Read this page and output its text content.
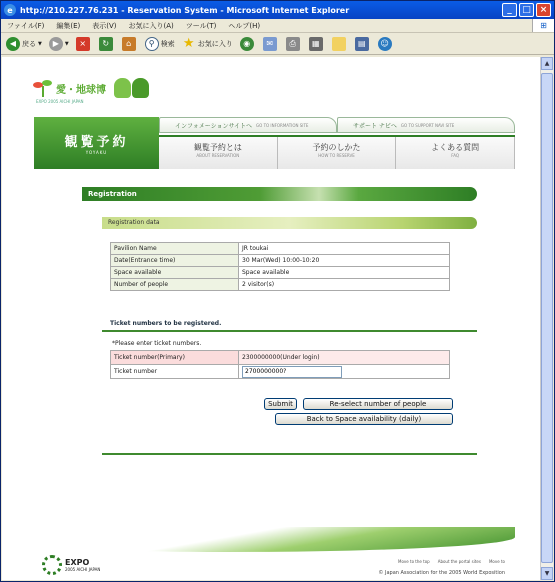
e http://210.227.76.231 - Reservation System - Microsoft Internet Explorer	_	□ ×
ファイル(F) 編集(E) 表示(V) お気に入り(A) ツール(T) ヘルプ(H)	⊞
◀ 戻る ▼	▶	▼	×	↻	⌂	⚲ 検索 ★ お気に入り	◉	✉	⎙	▦	▤	☺
愛・地球博
EXPO 2005 AICHI JAPAN
観覧予約
YOYAKU
インフォメーションサイトへ GO TO INFORMATION SITE	サポート ナビへ GO TO SUPPORT NAVI SITE
観覧予約とは
ABOUT RESERVATION
予約のしかた
HOW TO RESERVE
よくある質問
FAQ
Registration
Registration data
Pavilion Name	JR toukai
Date(Entrance time)	30 Mar(Wed) 10:00-10:20
Space available	Space available
Number of people	2 visitor(s)
Ticket numbers to be registered.
*Please enter ticket numbers.
Ticket number(Primary)	2300000000(Under login)
Ticket number	2700000000?
Submit	Re-select number of people
Back to Space availability (daily)
EXPO
2005 AICHI JAPAN
Move to the top About the portal sites Move to
© Japan Association for the 2005 World Exposition
▲
▼
